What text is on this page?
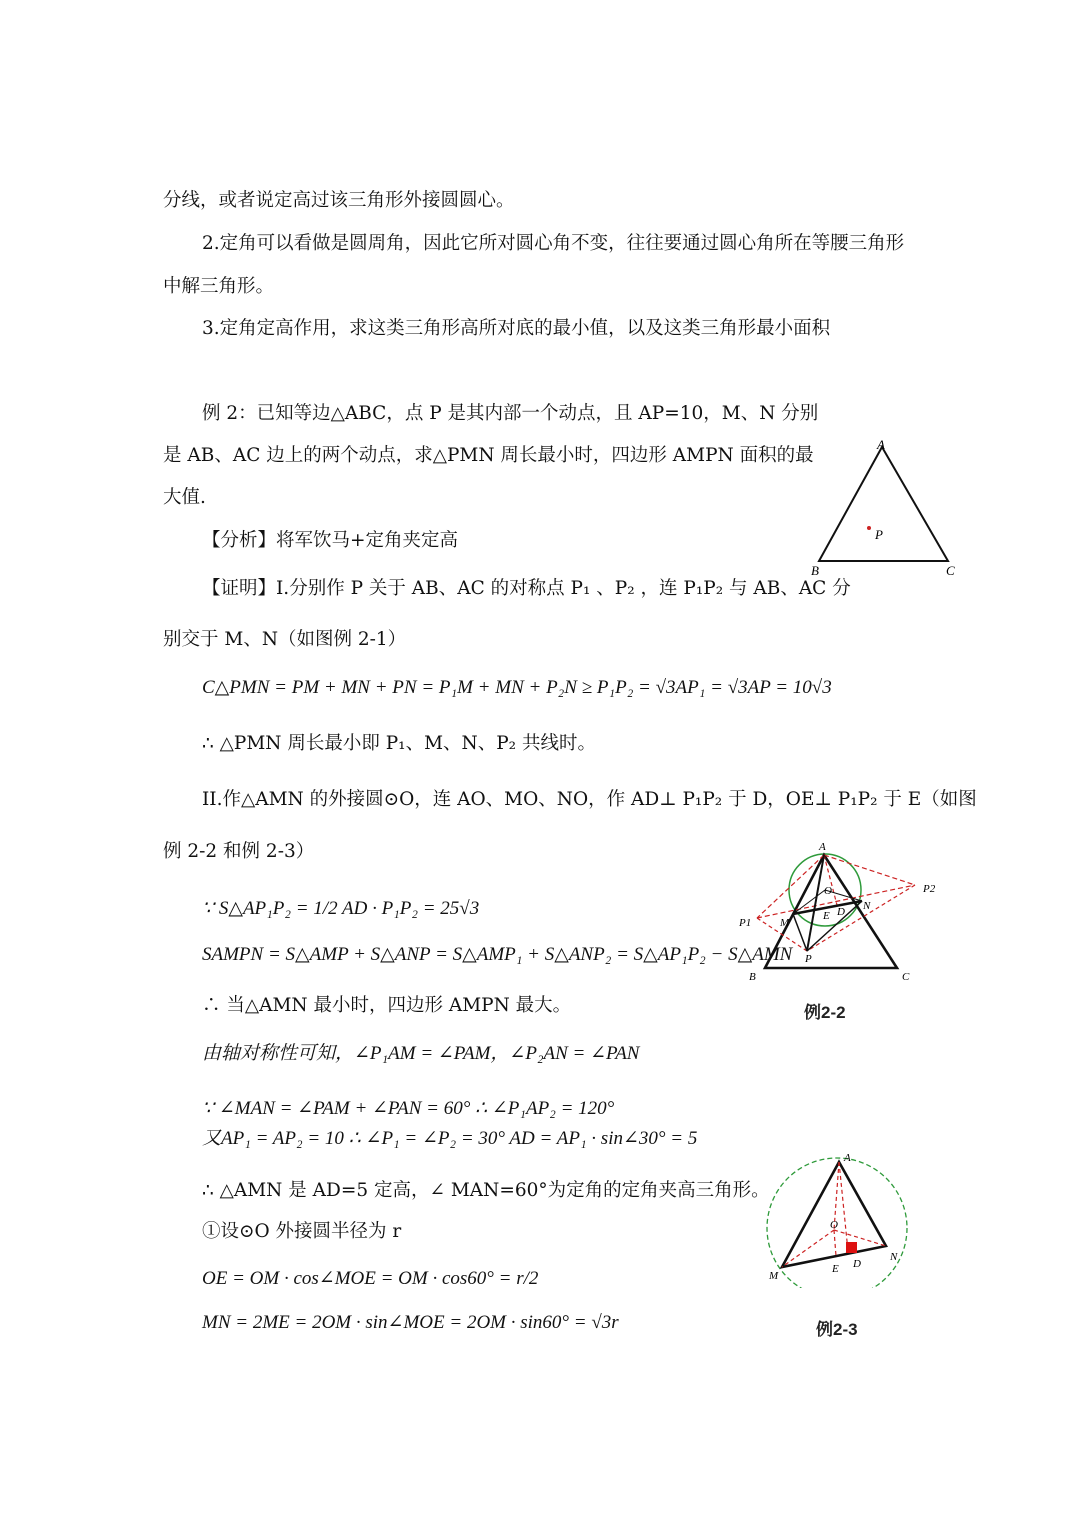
分线，或者说定高过该三角形外接圆圆心。
2.定角可以看做是圆周角，因此它所对圆心角不变，往往要通过圆心角所在等腰三角形
中解三角形。
3.定角定高作用，求这类三角形高所对底的最小值，以及这类三角形最小面积
例 2：已知等边△ABC，点 P 是其内部一个动点，且 AP=10，M、N 分别
是 AB、AC 边上的两个动点，求△PMN 周长最小时，四边形 AMPN 面积的最
大值.
【分析】将军饮马+定角夹定高
【证明】I.分别作 P 关于 AB、AC 的对称点 P₁ 、P₂ ，连 P₁P₂ 与 AB、AC 分
别交于 M、N（如图例 2-1）
C△PMN = PM + MN + PN = P₁M + MN + P₂N ≥ P₁P₂ = √3AP₁ = √3AP = 10√3
∴ △PMN 周长最小即 P₁、M、N、P₂ 共线时。
II.作△AMN 的外接圆⊙O，连 AO、MO、NO，作 AD⊥ P₁P₂ 于 D，OE⊥ P₁P₂ 于 E（如图
例 2-2 和例 2-3）
∵ S△AP₁P₂ = 1/2 AD · P₁P₂ = 25√3
SAMPN = S△AMP + S△ANP = S△AMP₁ + S△ANP₂ = S△AP₁P₂ − S△AMN
∴ 当△AMN 最小时，四边形 AMPN 最大。
由轴对称性可知，∠P₁AM = ∠PAM，∠P₂AN = ∠PAN
∵ ∠MAN = ∠PAM + ∠PAN = 60° ∴ ∠P₁AP₂ = 120°
又AP₁ = AP₂ = 10 ∴ ∠P₁ = ∠P₂ = 30° AD = AP₁ · sin∠30° = 5
∴ △AMN 是 AD=5 定高，∠ MAN=60°为定角的定角夹高三角形。
①设⊙O 外接圆半径为 r
OE = OM · cos∠MOE = OM · cos60° = r/2
MN = 2ME = 2OM · sin∠MOE = 2OM · sin60° = √3r
A
B	C
P
A
B	C
O
M
N
E D
P
P1
P2
例2-2
A
O
M
N
E D
例2-3
